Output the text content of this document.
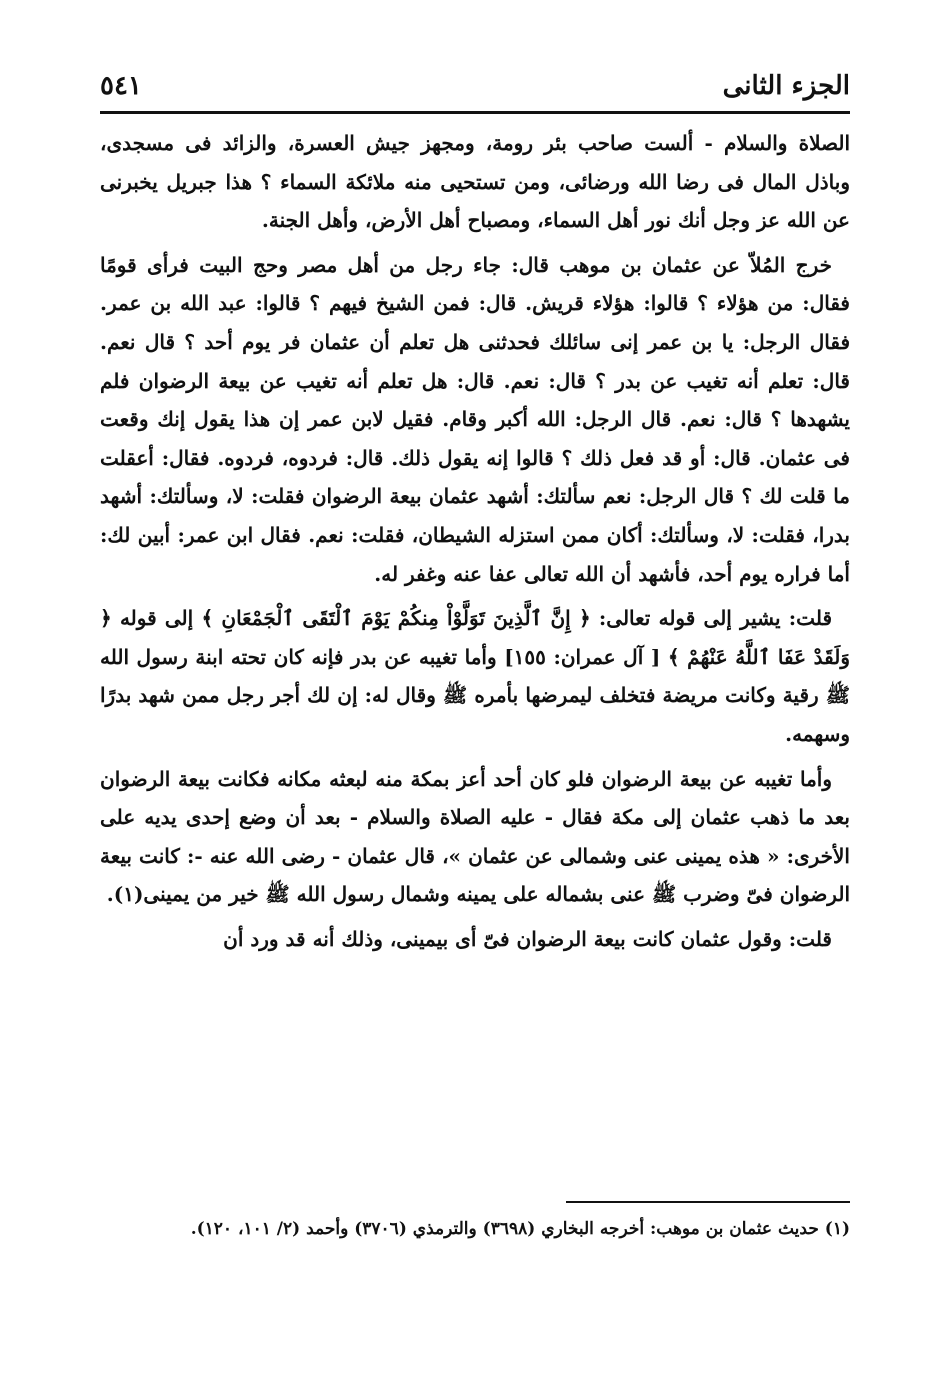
الجزء الثانى
٥٤١

الصلاة والسلام - ألست صاحب بئر رومة، ومجهز جيش العسرة، والزائد فى مسجدى، وباذل المال فى رضا الله ورضائى، ومن تستحيى منه ملائكة السماء ؟ هذا جبريل يخبرنى عن الله عز وجل أنك نور أهل السماء، ومصباح أهل الأرض، وأهل الجنة.

خرج المُلاّ عن عثمان بن موهب قال: جاء رجل من أهل مصر وحج البيت فرأى قومًا فقال: من هؤلاء ؟ قالوا: هؤلاء قريش. قال: فمن الشيخ فيهم ؟ قالوا: عبد الله بن عمر. فقال الرجل: يا بن عمر إنى سائلك فحدثنى هل تعلم أن عثمان فر يوم أحد ؟ قال نعم. قال: تعلم أنه تغيب عن بدر ؟ قال: نعم. قال: هل تعلم أنه تغيب عن بيعة الرضوان فلم يشهدها ؟ قال: نعم. قال الرجل: الله أكبر وقام. فقيل لابن عمر إن هذا يقول إنك وقعت فى عثمان. قال: أو قد فعل ذلك ؟ قالوا إنه يقول ذلك. قال: فردوه، فردوه. فقال: أعقلت ما قلت لك ؟ قال الرجل: نعم سألتك: أشهد عثمان بيعة الرضوان فقلت: لا، وسألتك: أشهد بدرا، فقلت: لا، وسألتك: أكان ممن استزله الشيطان، فقلت: نعم. فقال ابن عمر: أبين لك: أما فراره يوم أحد، فأشهد أن الله تعالى عفا عنه وغفر له.

قلت: يشير إلى قوله تعالى: ﴿ إِنَّ ٱلَّذِينَ تَوَلَّوْاْ مِنكُمْ يَوْمَ ٱلْتَقَى ٱلْجَمْعَانِ ﴾ إلى قوله ﴿ وَلَقَدْ عَفَا ٱللَّهُ عَنْهُمْ ﴾ [ آل عمران: ١٥٥] وأما تغيبه عن بدر فإنه كان تحته ابنة رسول الله ﷺ رقية وكانت مريضة فتخلف ليمرضها بأمره ﷺ وقال له: إن لك أجر رجل ممن شهد بدرًا وسهمه.

وأما تغيبه عن بيعة الرضوان فلو كان أحد أعز بمكة منه لبعثه مكانه فكانت بيعة الرضوان بعد ما ذهب عثمان إلى مكة فقال - عليه الصلاة والسلام - بعد أن وضع إحدى يديه على الأخرى: « هذه يمينى عنى وشمالى عن عثمان »، قال عثمان - رضى الله عنه -: كانت بيعة الرضوان فىّ وضرب ﷺ عنى بشماله على يمينه وشمال رسول الله ﷺ خير من يمينى(١).

قلت: وقول عثمان كانت بيعة الرضوان فىّ أى بيمينى، وذلك أنه قد ورد أن

(١) حديث عثمان بن موهب: أخرجه البخاري (٣٦٩٨) والترمذي (٣٧٠٦) وأحمد (٢/ ١٠١، ١٢٠).
